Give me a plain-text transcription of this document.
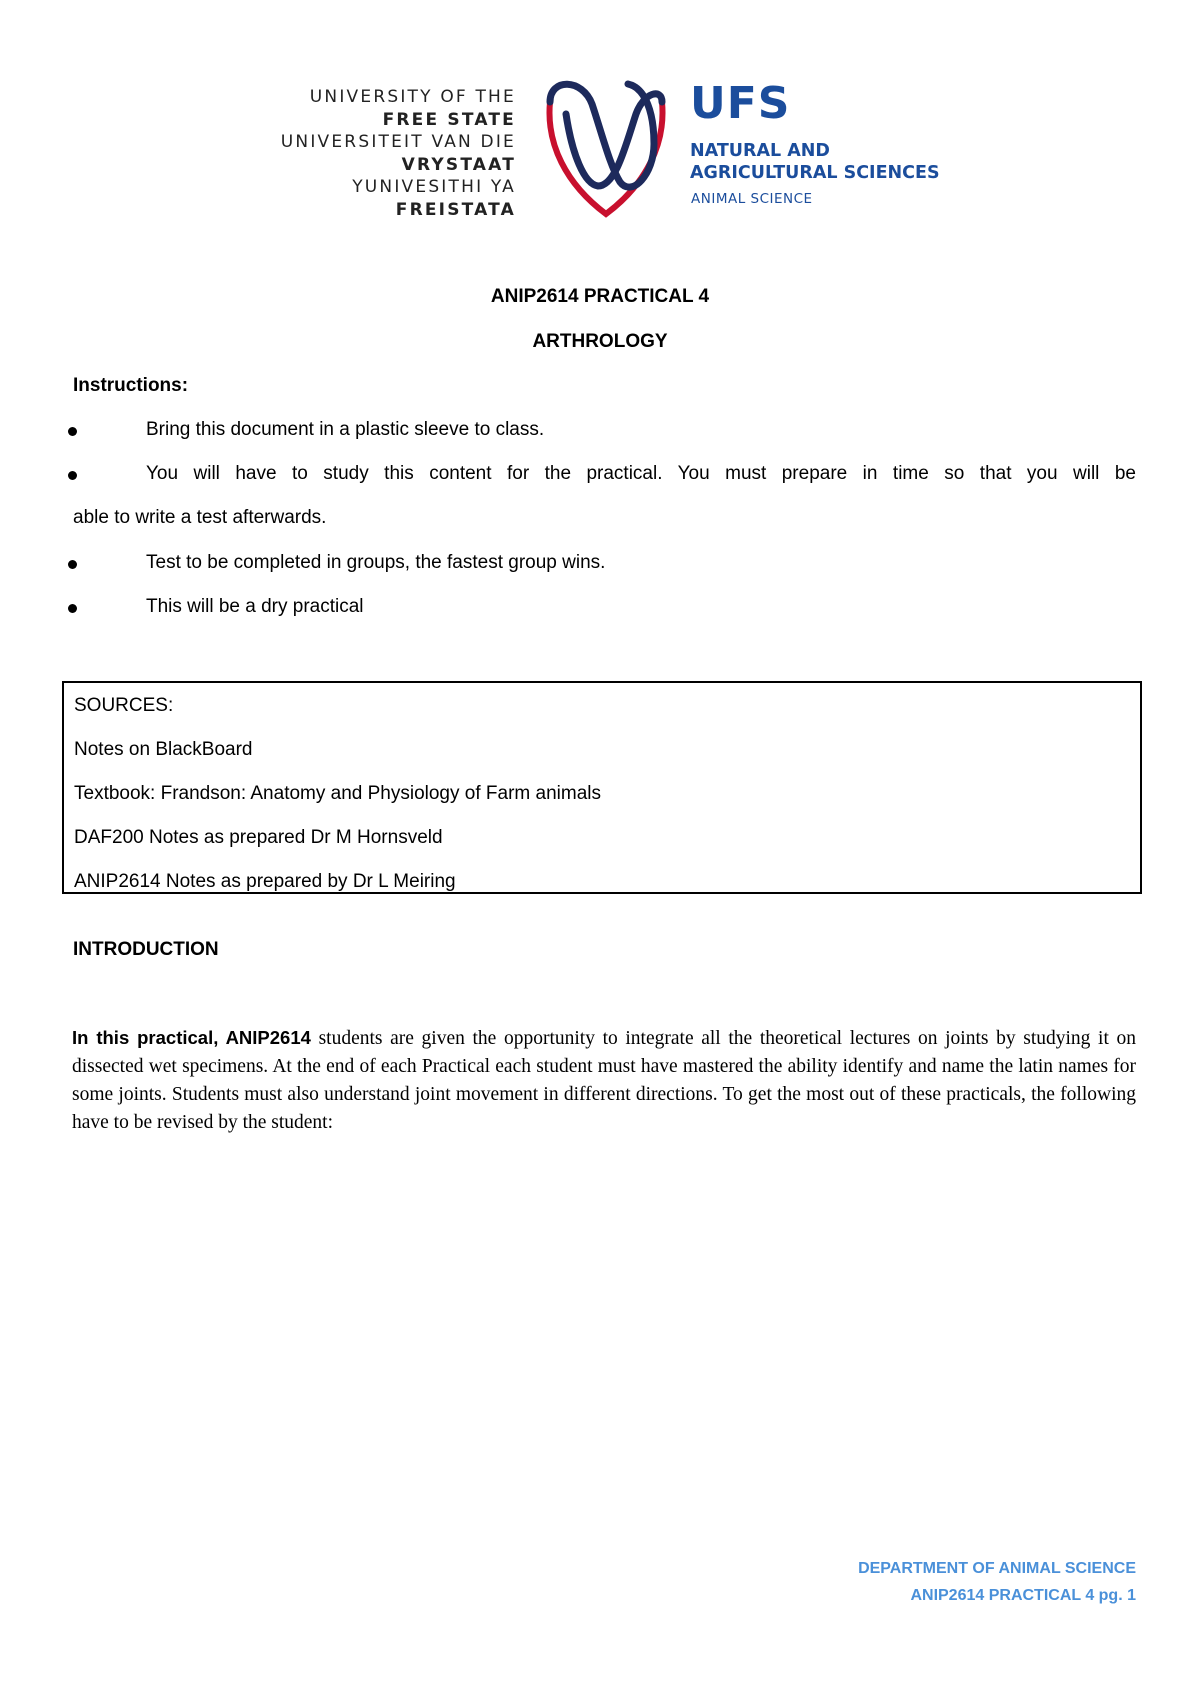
UNIVERSITY OF THE
FREE STATE
UNIVERSITEIT VAN DIE
VRYSTAAT
YUNIVESITHI YA
FREISTATA
UFS
NATURAL AND
AGRICULTURAL SCIENCES
ANIMAL SCIENCE
ANIP2614 PRACTICAL 4
ARTHROLOGY
Instructions:
Bring this document in a plastic sleeve to class.
You will have to study this content for the practical. You must prepare in time so that you will be
able to write a test afterwards.
Test to be completed in groups, the fastest group wins.
This will be a dry practical
SOURCES:
Notes on BlackBoard
Textbook: Frandson: Anatomy and Physiology of Farm animals
DAF200 Notes as prepared Dr M Hornsveld
ANIP2614 Notes as prepared by Dr L Meiring
INTRODUCTION
In this practical, ANIP2614 students are given the opportunity to integrate all the theoretical lectures on joints by studying it on dissected wet specimens. At the end of each Practical each student must have mastered the ability identify and name the latin names for some joints. Students must also understand joint movement in different directions. To get the most out of these practicals, the following have to be revised by the student:
DEPARTMENT OF ANIMAL SCIENCE
ANIP2614 PRACTICAL 4 pg. 1
